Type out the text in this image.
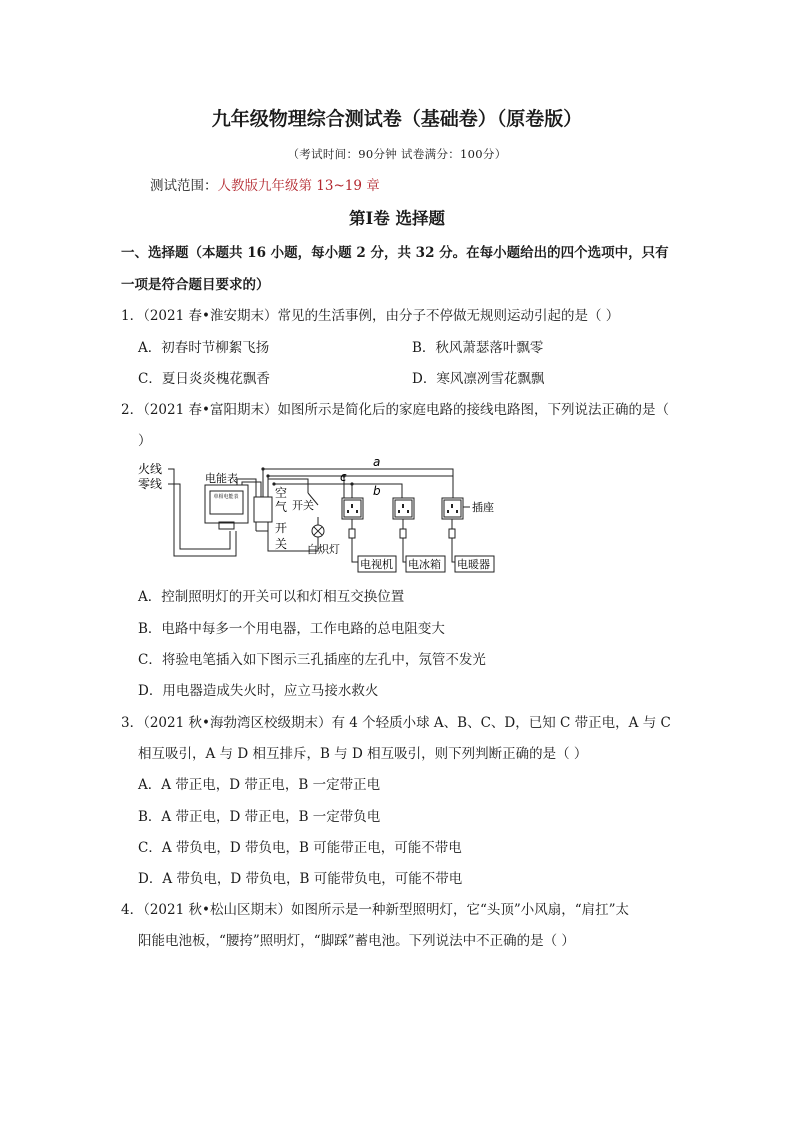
九年级物理综合测试卷（基础卷）（原卷版）
（考试时间：90分钟 试卷满分：100分）
测试范围：人教版九年级第 13~19 章
第Ⅰ卷 选择题
一、选择题（本题共 16 小题，每小题 2 分，共 32 分。在每小题给出的四个选项中，只有
一项是符合题目要求的）
1．（2021 春•淮安期末）常见的生活事例，由分子不停做无规则运动引起的是（ ）
A．初春时节柳絮飞扬	B．秋风萧瑟落叶飘零
C．夏日炎炎槐花飘香	D．寒风凛冽雪花飘飘
2．（2021 春•富阳期末）如图所示是简化后的家庭电路的接线电路图，下列说法正确的是（
）
火线
零线	电能表
单相电能表	空
气
开
关
开关
白炽灯
a
b
c
插座
电视机 电冰箱 电暖器
A．控制照明灯的开关可以和灯相互交换位置
B．电路中每多一个用电器，工作电路的总电阻变大
C．将验电笔插入如下图示三孔插座的左孔中，氖管不发光
D．用电器造成失火时，应立马接水救火
3．（2021 秋•海勃湾区校级期末）有 4 个轻质小球 A、B、C、D，已知 C 带正电，A 与 C
相互吸引，A 与 D 相互排斥，B 与 D 相互吸引，则下列判断正确的是（ ）
A．A 带正电，D 带正电，B 一定带正电
B．A 带正电，D 带正电，B 一定带负电
C．A 带负电，D 带负电，B 可能带正电，可能不带电
D．A 带负电，D 带负电，B 可能带负电，可能不带电
4．（2021 秋•松山区期末）如图所示是一种新型照明灯，它“头顶”小风扇，“肩扛”太
阳能电池板，“腰挎”照明灯，“脚踩”蓄电池。下列说法中不正确的是（ ）
